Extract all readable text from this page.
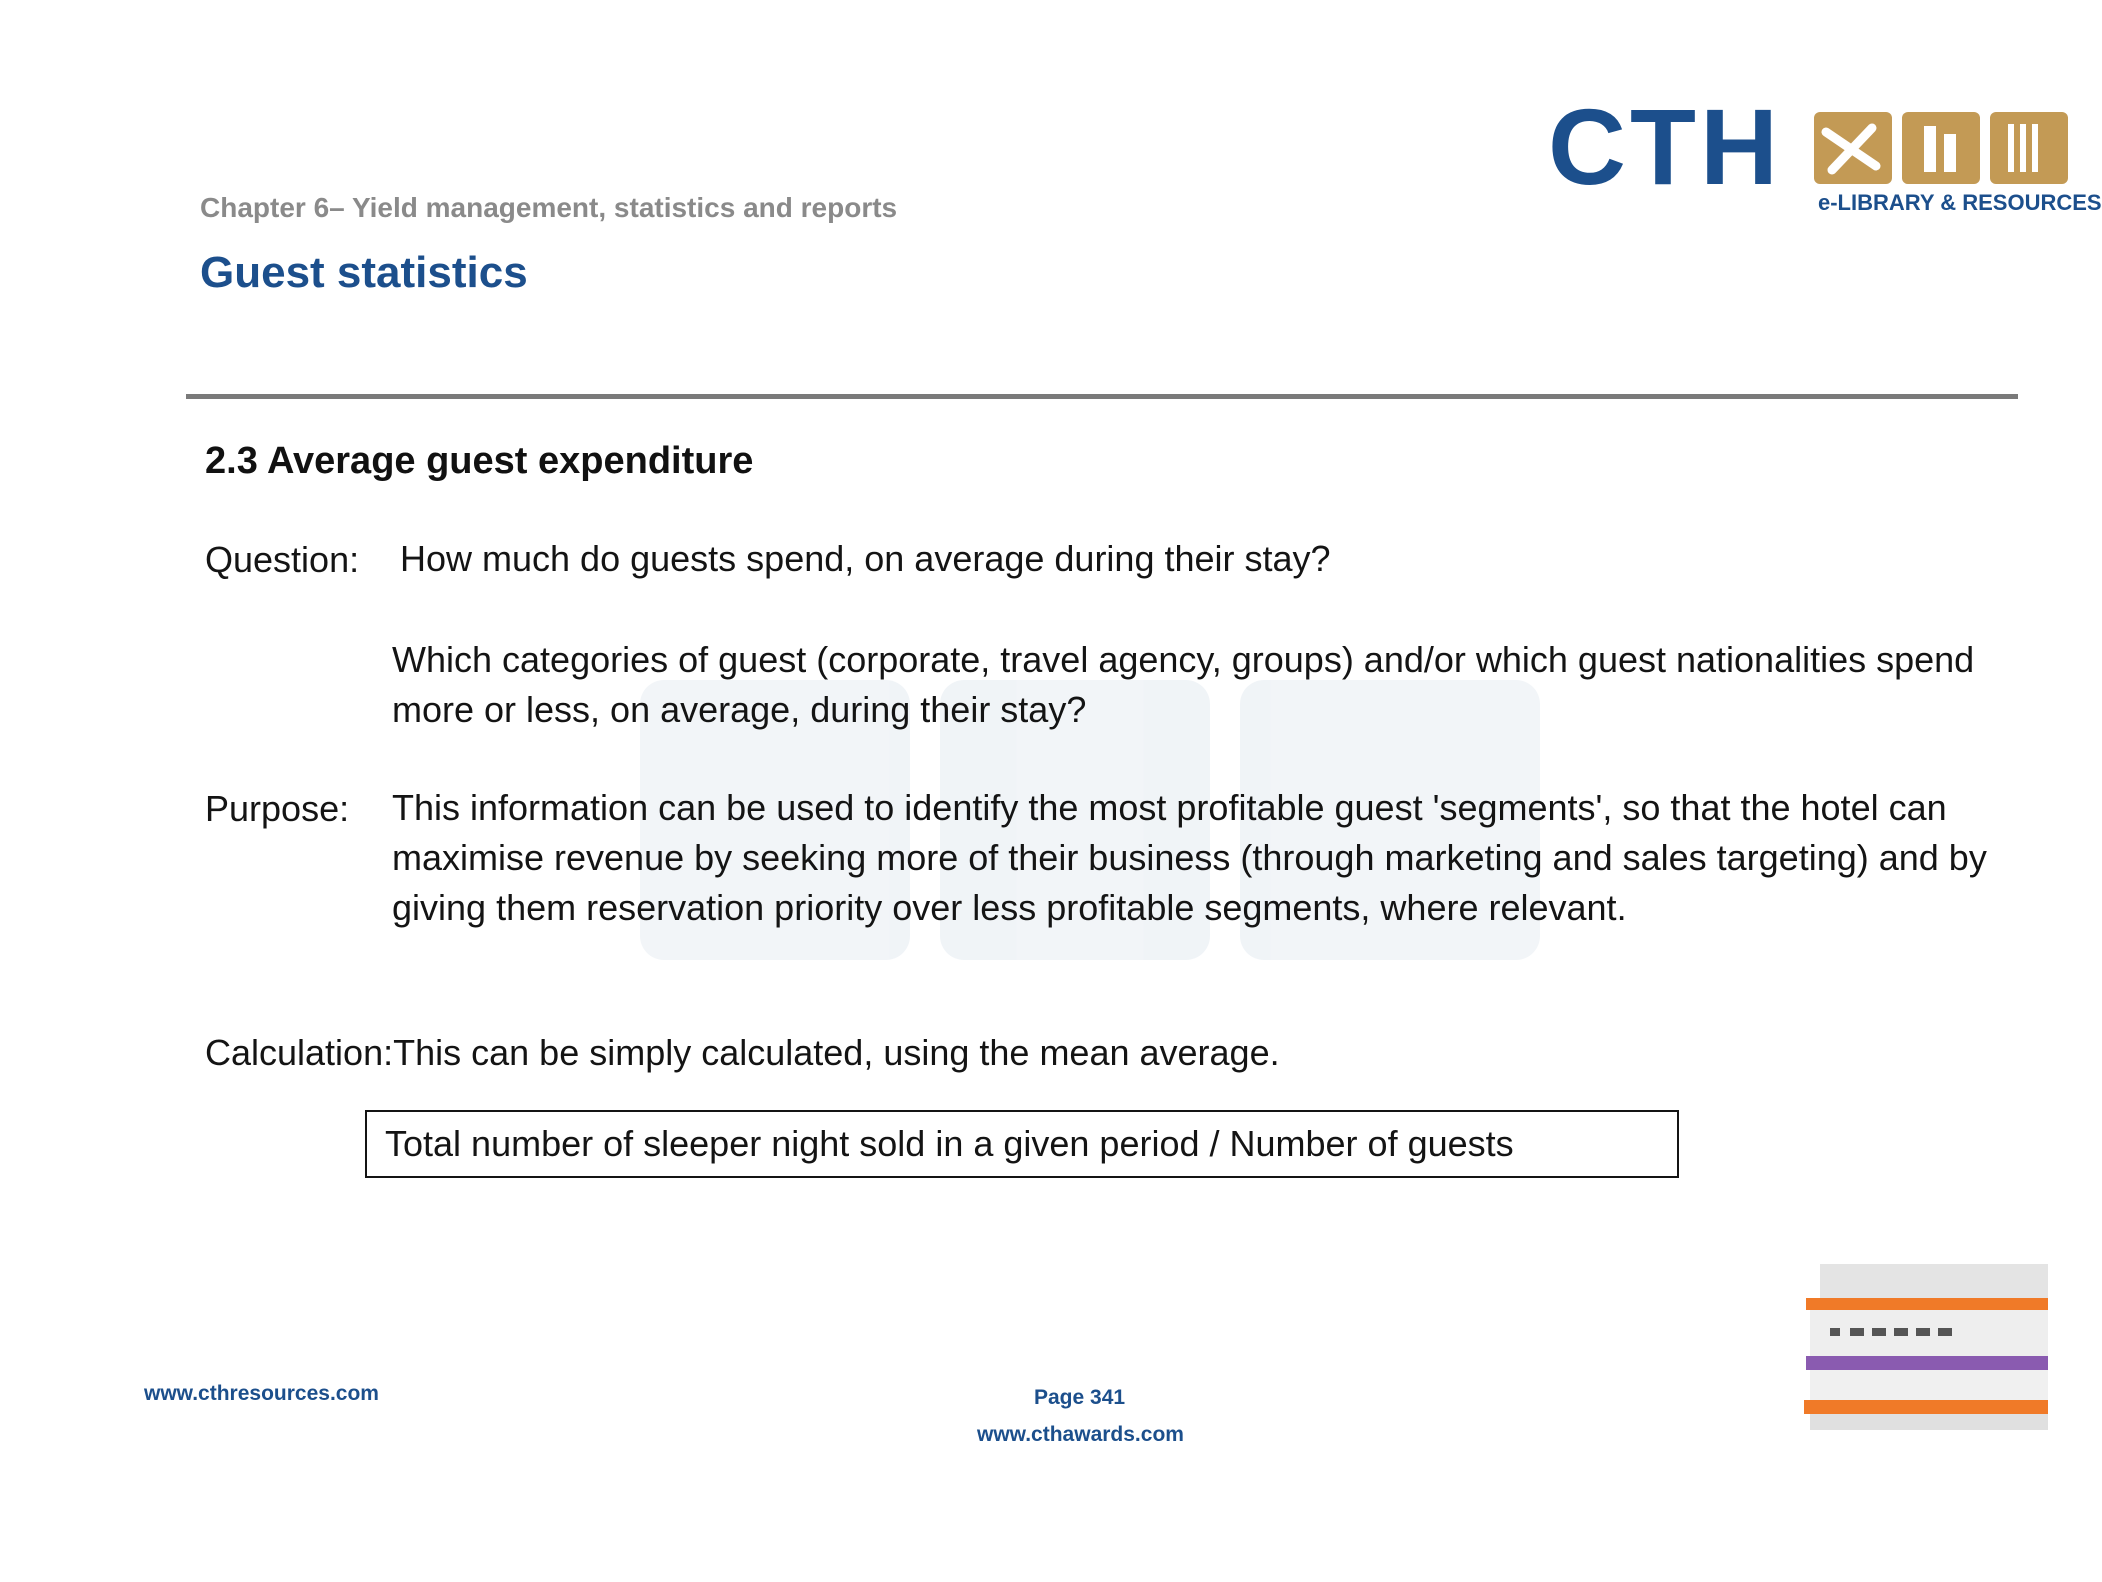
Chapter 6– Yield management, statistics and reports
Guest statistics
CTH e-LIBRARY & RESOURCES
2.3 Average guest expenditure
Question: How much do guests spend, on average during their stay?
Which categories of guest (corporate, travel agency, groups) and/or which guest nationalities spend more or less, on average, during their stay?
Purpose: This information can be used to identify the most profitable guest 'segments', so that the hotel can maximise revenue by seeking more of their business (through marketing and sales targeting) and by giving them reservation priority over less profitable segments, where relevant.
Calculation:This can be simply calculated, using the mean average.
Total number of sleeper night sold in a given period / Number of guests
www.cthresources.com	Page 341
www.cthawards.com
